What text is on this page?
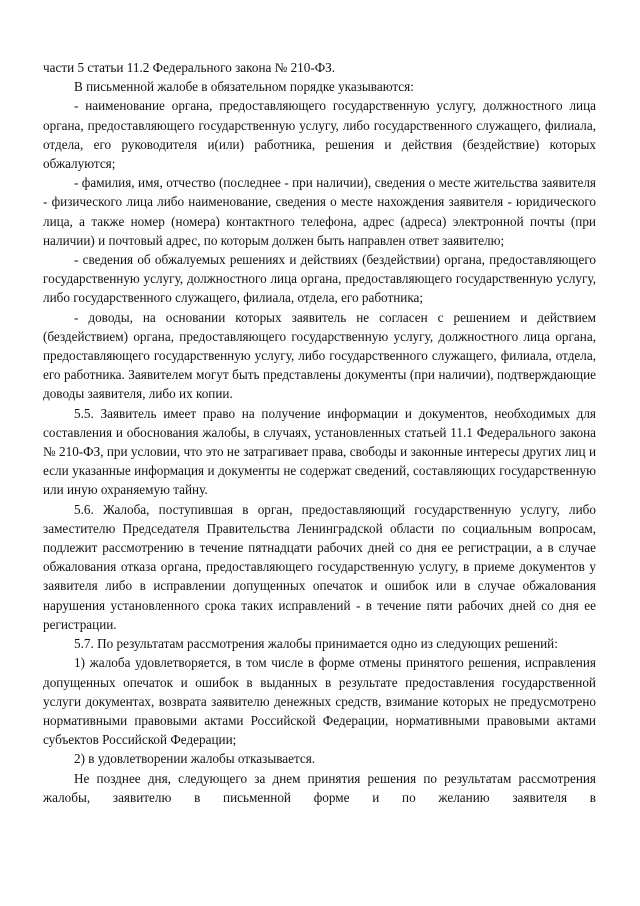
части 5 статьи 11.2 Федерального закона № 210-ФЗ.

В письменной жалобе в обязательном порядке указываются:

- наименование органа, предоставляющего государственную услугу, должностного лица органа, предоставляющего государственную услугу, либо государственного служащего, филиала, отдела, его руководителя и(или) работника, решения и действия (бездействие) которых обжалуются;

- фамилия, имя, отчество (последнее - при наличии), сведения о месте жительства заявителя - физического лица либо наименование, сведения о месте нахождения заявителя - юридического лица, а также номер (номера) контактного телефона, адрес (адреса) электронной почты (при наличии) и почтовый адрес, по которым должен быть направлен ответ заявителю;

- сведения об обжалуемых решениях и действиях (бездействии) органа, предоставляющего государственную услугу, должностного лица органа, предоставляющего государственную услугу, либо государственного служащего, филиала, отдела, его работника;

- доводы, на основании которых заявитель не согласен с решением и действием (бездействием) органа, предоставляющего государственную услугу, должностного лица органа, предоставляющего государственную услугу, либо государственного служащего, филиала, отдела, его работника. Заявителем могут быть представлены документы (при наличии), подтверждающие доводы заявителя, либо их копии.

5.5. Заявитель имеет право на получение информации и документов, необходимых для составления и обоснования жалобы, в случаях, установленных статьей 11.1 Федерального закона № 210-ФЗ, при условии, что это не затрагивает права, свободы и законные интересы других лиц и если указанные информация и документы не содержат сведений, составляющих государственную или иную охраняемую тайну.

5.6. Жалоба, поступившая в орган, предоставляющий государственную услугу, либо заместителю Председателя Правительства Ленинградской области по социальным вопросам, подлежит рассмотрению в течение пятнадцати рабочих дней со дня ее регистрации, а в случае обжалования отказа органа, предоставляющего государственную услугу, в приеме документов у заявителя либо в исправлении допущенных опечаток и ошибок или в случае обжалования нарушения установленного срока таких исправлений - в течение пяти рабочих дней со дня ее регистрации.

5.7. По результатам рассмотрения жалобы принимается одно из следующих решений:

1) жалоба удовлетворяется, в том числе в форме отмены принятого решения, исправления допущенных опечаток и ошибок в выданных в результате предоставления государственной услуги документах, возврата заявителю денежных средств, взимание которых не предусмотрено нормативными правовыми актами Российской Федерации, нормативными правовыми актами субъектов Российской Федерации;

2) в удовлетворении жалобы отказывается.

Не позднее дня, следующего за днем принятия решения по результатам рассмотрения жалобы, заявителю в письменной форме и по желанию заявителя в
